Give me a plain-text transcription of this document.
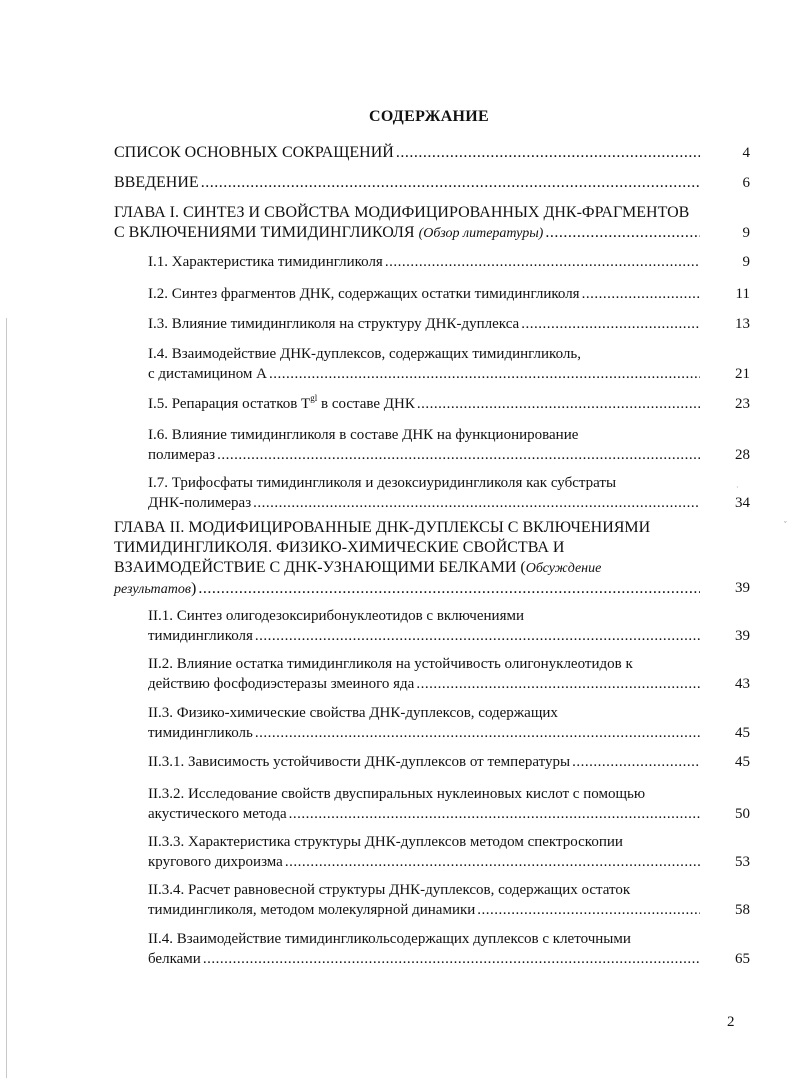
ˇ
·
СОДЕРЖАНИЕ
СПИСОК ОСНОВНЫХ СОКРАЩЕНИЙ .....	4
ВВЕДЕНИЕ .....	6
ГЛАВА I. СИНТЕЗ И СВОЙСТВА МОДИФИЦИРОВАННЫХ ДНК-ФРАГМЕНТОВ
С ВКЛЮЧЕНИЯМИ ТИМИДИНГЛИКОЛЯ (Обзор литературы) .....	9
I.1. Характеристика тимидингликоля .....	9
I.2. Синтез фрагментов ДНК, содержащих остатки тимидингликоля .....	11
I.3. Влияние тимидингликоля на структуру ДНК-дуплекса .....	13
I.4. Взаимодействие ДНК-дуплексов, содержащих тимидингликоль,
с дистамицином А .....	21
I.5. Репарация остатков $T^{gl}$ в составе ДНК .....	23
I.6. Влияние тимидингликоля в составе ДНК на функционирование
полимераз .....	28
I.7. Трифосфаты тимидингликоля и дезоксиуридингликоля как субстраты
ДНК-полимераз .....	34
ГЛАВА II. МОДИФИЦИРОВАННЫЕ ДНК-ДУПЛЕКСЫ С ВКЛЮЧЕНИЯМИ
ТИМИДИНГЛИКОЛЯ. ФИЗИКО-ХИМИЧЕСКИЕ СВОЙСТВА И
ВЗАИМОДЕЙСТВИЕ С ДНК-УЗНАЮЩИМИ БЕЛКАМИ (Обсуждение
результатов) .....	39
II.1. Синтез олигодезоксирибонуклеотидов с включениями
тимидингликоля .....	39
II.2. Влияние остатка тимидингликоля на устойчивость олигонуклеотидов к
действию фосфодиэстеразы змеиного яда .....	43
II.3. Физико-химические свойства ДНК-дуплексов, содержащих
тимидингликоль .....	45
II.3.1. Зависимость устойчивости ДНК-дуплексов от температуры .....	45
II.3.2. Исследование свойств двуспиральных нуклеиновых кислот с помощью
акустического метода .....	50
II.3.3. Характеристика структуры ДНК-дуплексов методом спектроскопии
кругового дихроизма .....	53
II.3.4. Расчет равновесной структуры ДНК-дуплексов, содержащих остаток
тимидингликоля, методом молекулярной динамики .....	58
II.4. Взаимодействие тимидингликольсодержащих дуплексов с клеточными
белками .....	65
2
